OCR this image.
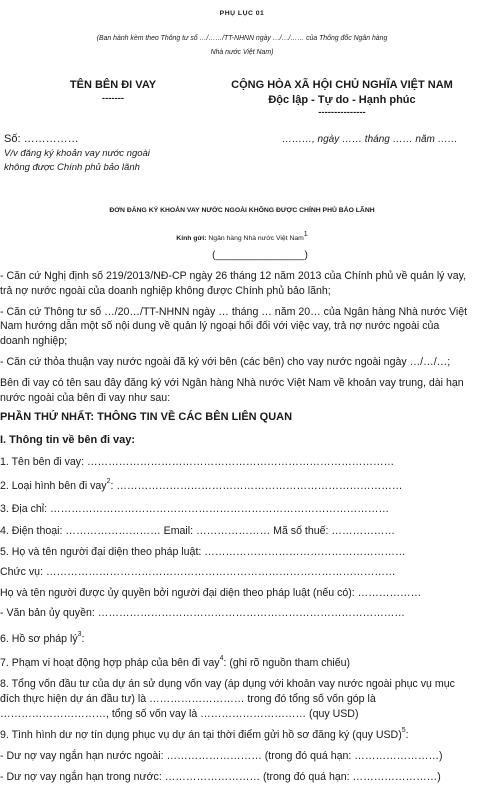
PHỤ LỤC 01
(Ban hành kèm theo Thông tư số …/……/TT-NHNN ngày …/…/…… của Thống đốc Ngân hàng
Nhà nước Việt Nam)
TÊN BÊN ĐI VAY
-------
CỘNG HÒA XÃ HỘI CHỦ NGHĨA VIỆT NAM
Độc lập - Tự do - Hạnh phúc
---------------
Số: ……………
V/v đăng ký khoản vay nước ngoài
không được Chính phủ bảo lãnh
………, ngày …… tháng …… năm ……
ĐƠN ĐĂNG KÝ KHOẢN VAY NƯỚC NGOÀI KHÔNG ĐƯỢC CHÍNH PHỦ BẢO LÃNH
Kính gửi: Ngân hàng Nhà nước Việt Nam$^1$
(________________)
- Căn cứ Nghị định số 219/2013/NĐ-CP ngày 26 tháng 12 năm 2013 của Chính phủ về quản lý vay,
trả nợ nước ngoài của doanh nghiệp không được Chính phủ bảo lãnh;
- Căn cứ Thông tư số …/20…/TT-NHNN ngày … tháng … năm 20… của Ngân hàng Nhà nước Việt
Nam hướng dẫn một số nội dung về quản lý ngoại hối đối với việc vay, trả nợ nước ngoài của
doanh nghiệp;
- Căn cứ thỏa thuận vay nước ngoài đã ký với bên (các bên) cho vay nước ngoài ngày …/…/…;
Bên đi vay có tên sau đây đăng ký với Ngân hàng Nhà nước Việt Nam về khoản vay trung, dài hạn
nước ngoài của bên đi vay như sau:
PHẦN THỨ NHẤT: THÔNG TIN VỀ CÁC BÊN LIÊN QUAN
I. Thông tin về bên đi vay:
1. Tên bên đi vay: ……………………………………………………………………………
2. Loại hình bên đi vay$^2$: ………………………………………………………………………
3. Địa chỉ: ……………………………………………………………………………………
4. Điện thoại: ……………………… Email: ………………… Mã số thuế: ………………
5. Họ và tên người đại diện theo pháp luật: …………………………………………………
Chức vụ: ………………………………………………………………………………………
Họ và tên người được ủy quyền bởi người đại diện theo pháp luật (nếu có): ………………
- Văn bản ủy quyền: ……………………………………………………………………………
6. Hồ sơ pháp $lý^3$:
7. Phạm vi hoạt động hợp pháp của bên đi vay$^4$: (ghi rõ nguồn tham chiếu)
8. Tổng vốn đầu tư của dự án sử dụng vốn vay (áp dụng với khoản vay nước ngoài phục vụ mục
đích thực hiện dự án đầu tư) là ……………………… trong đó tổng số vốn góp là
…………………………, tổng số vốn vay là ………………………… (quy USD)
9. Tình hình dư nợ tín dụng phục vụ dự án tại thời điểm gửi hồ sơ đăng ký (quy USD)$^5$:
- Dư nợ vay ngắn hạn nước ngoài: ……………………… (trong đó quá hạn: ……………………)
- Dư nợ vay ngắn hạn trong nước: ……………………… (trong đó quá hạn: ……………………)
